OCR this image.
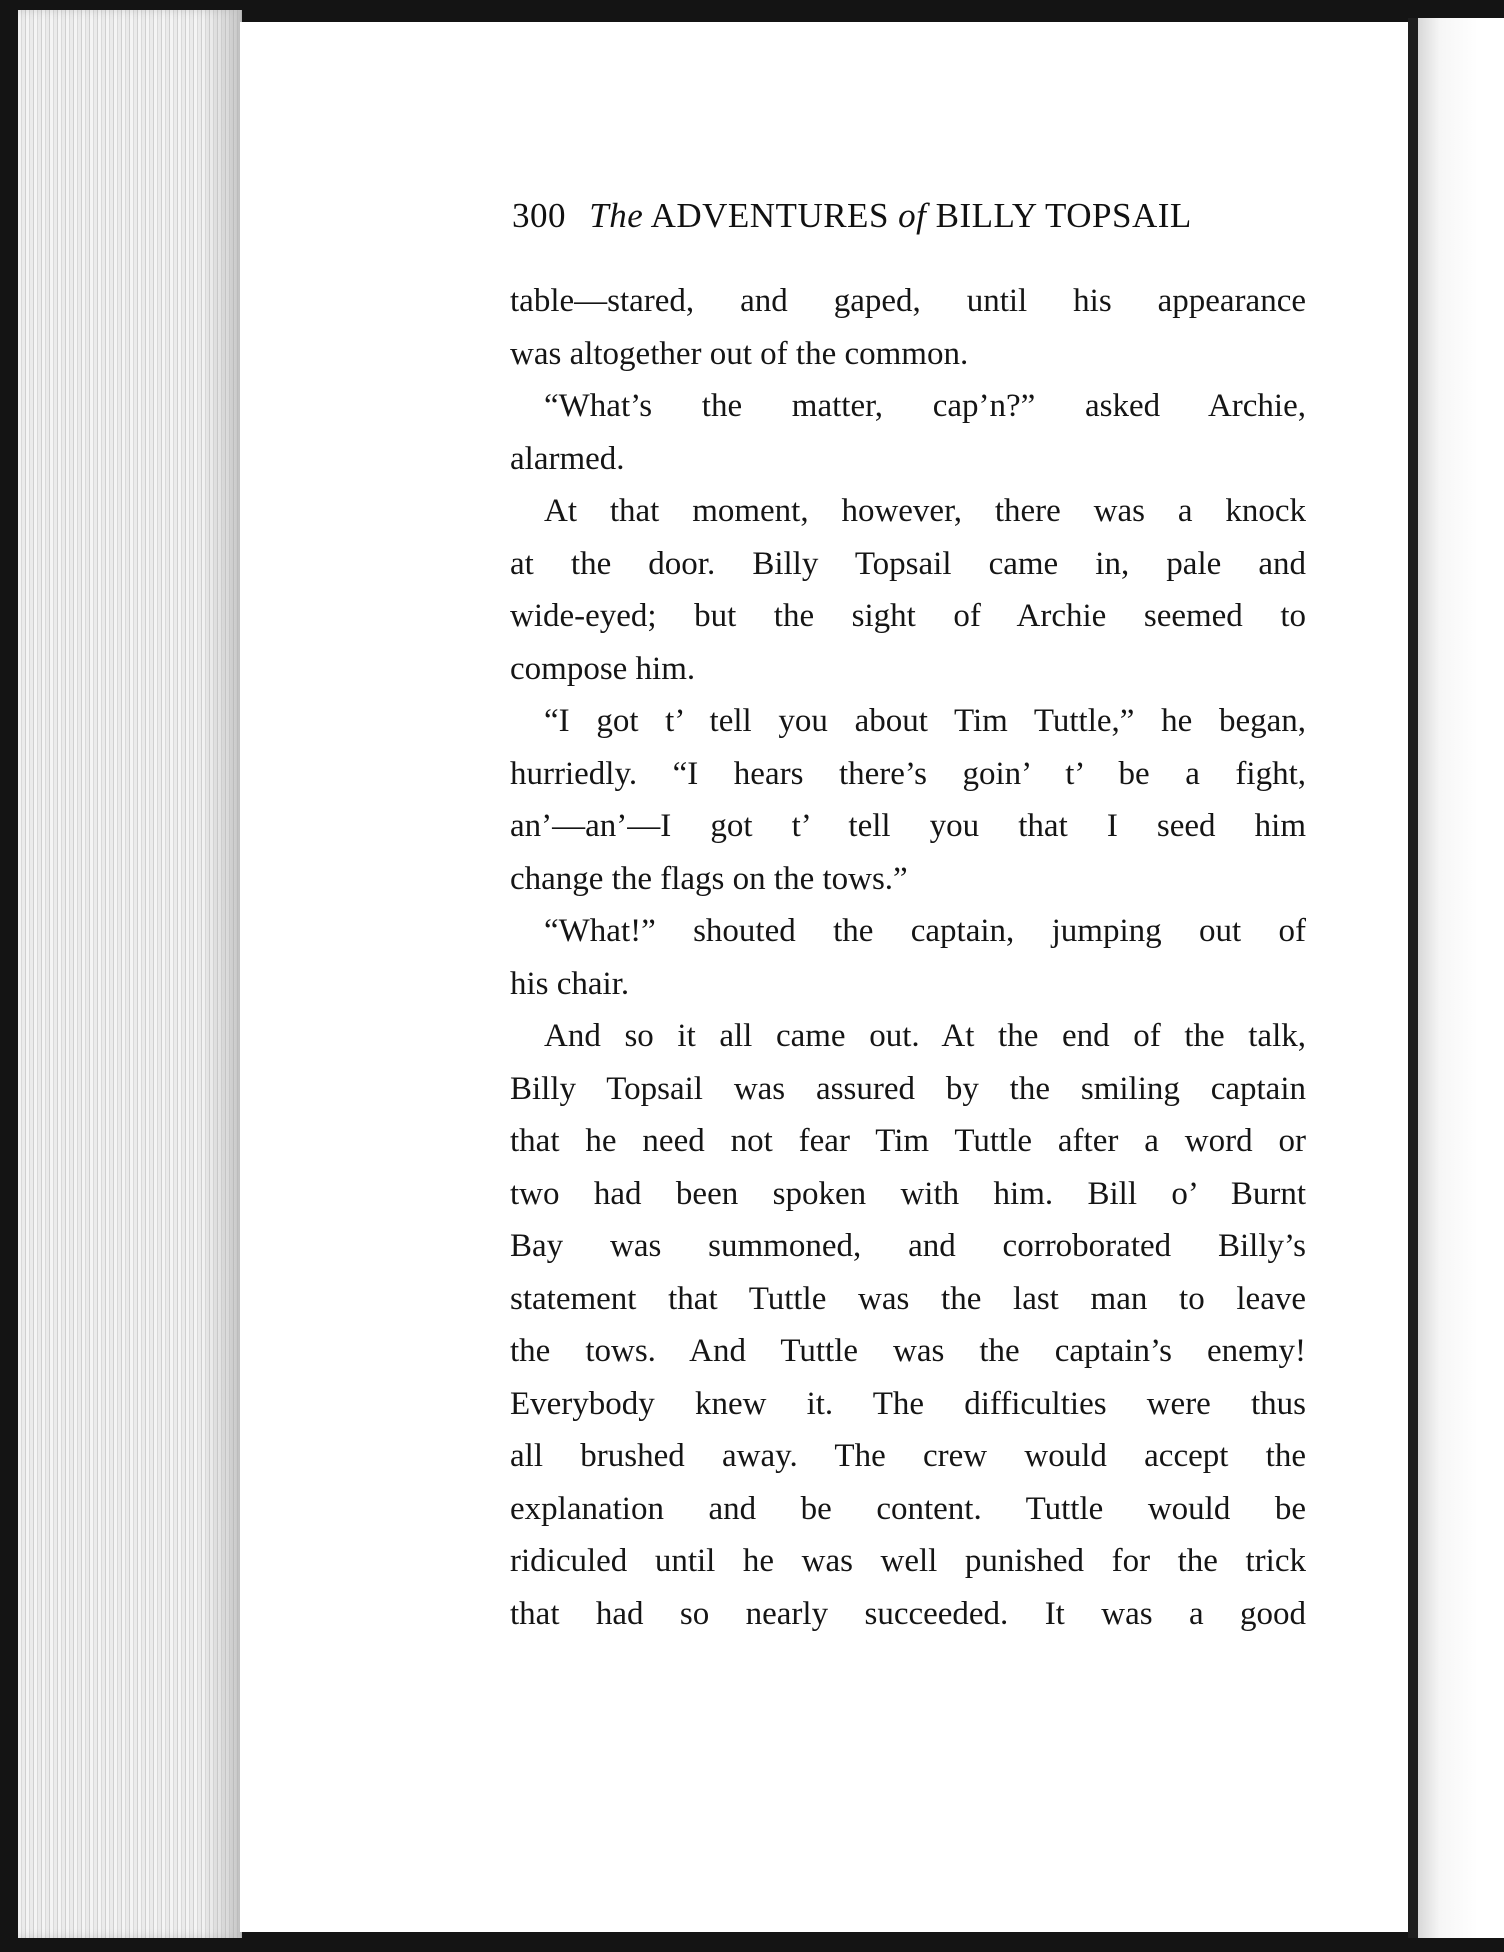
300 The ADVENTURES of BILLY TOPSAIL
table—stared, and gaped, until his appearance
was altogether out of the common.
“What’s the matter, cap’n?” asked Archie,
alarmed.
At that moment, however, there was a knock
at the door. Billy Topsail came in, pale and
wide-eyed; but the sight of Archie seemed to
compose him.
“I got t’ tell you about Tim Tuttle,” he began,
hurriedly. “I hears there’s goin’ t’ be a fight,
an’—an’—I got t’ tell you that I seed him
change the flags on the tows.”
“What!” shouted the captain, jumping out of
his chair.
And so it all came out. At the end of the talk,
Billy Topsail was assured by the smiling captain
that he need not fear Tim Tuttle after a word or
two had been spoken with him. Bill o’ Burnt
Bay was summoned, and corroborated Billy’s
statement that Tuttle was the last man to leave
the tows. And Tuttle was the captain’s enemy!
Everybody knew it. The difficulties were thus
all brushed away. The crew would accept the
explanation and be content. Tuttle would be
ridiculed until he was well punished for the trick
that had so nearly succeeded. It was a good
